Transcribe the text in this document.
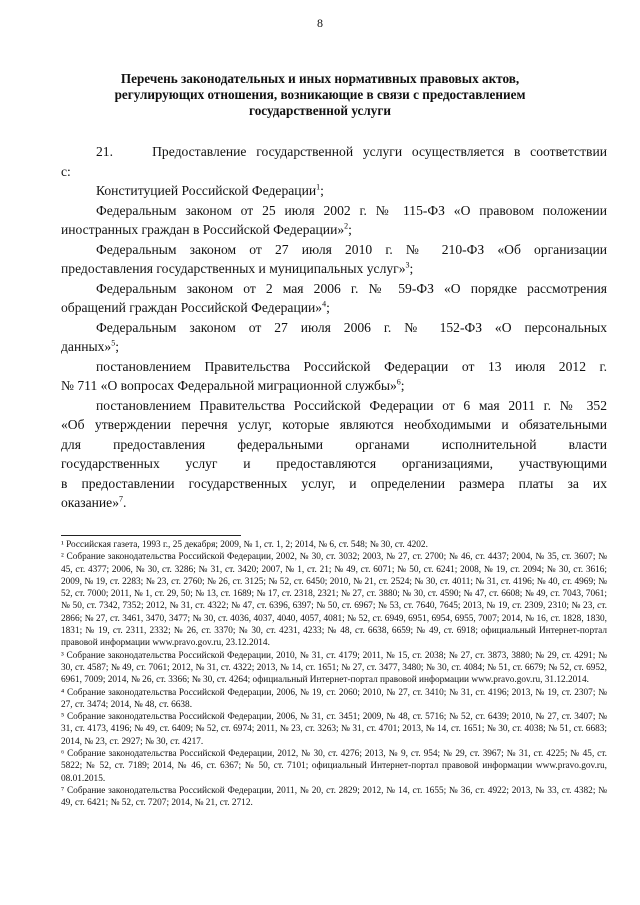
8
Перечень законодательных и иных нормативных правовых актов,
регулирующих отношения, возникающие в связи с предоставлением
государственной услуги

21.    Предоставление государственной услуги осуществляется в соответствии
с:

Конституцией Российской Федерации$^1$;

Федеральным законом от 25 июля 2002 г. № 115-ФЗ «О правовом положении
иностранных граждан в Российской Федерации»$^2$;

Федеральным законом от 27 июля 2010 г. № 210-ФЗ «Об организации
предоставления государственных и муниципальных услуг»$^3$;

Федеральным законом от 2 мая 2006 г. № 59-ФЗ «О порядке рассмотрения
обращений граждан Российской Федерации»$^4$;

Федеральным законом от 27 июля 2006 г. № 152-ФЗ «О персональных
данных»$^5$;

постановлением Правительства Российской Федерации от 13 июля 2012 г.
№ 711 «О вопросах Федеральной миграционной службы»$^6$;

постановлением Правительства Российской Федерации от 6 мая 2011 г. № 352
«Об утверждении перечня услуг, которые являются необходимыми и обязательными
для предоставления федеральными органами исполнительной власти
государственных услуг и предоставляются организациями, участвующими
в предоставлении государственных услуг, и определении размера платы за их
оказание»$^7$.

¹ Российская газета, 1993 г., 25 декабря; 2009, № 1, ст. 1, 2; 2014, № 6, ст. 548; № 30, ст. 4202.

² Собрание законодательства Российской Федерации, 2002, № 30, ст. 3032; 2003, № 27, ст. 2700; № 46, ст. 4437; 2004, № 35, ст. 3607; № 45, ст. 4377; 2006, № 30, ст. 3286; № 31, ст. 3420; 2007, № 1, ст. 21; № 49, ст. 6071; № 50, ст. 6241; 2008, № 19, ст. 2094; № 30, ст. 3616; 2009, № 19, ст. 2283; № 23, ст. 2760; № 26, ст. 3125; № 52, ст. 6450; 2010, № 21, ст. 2524; № 30, ст. 4011; № 31, ст. 4196; № 40, ст. 4969; № 52, ст. 7000; 2011, № 1, ст. 29, 50; № 13, ст. 1689; № 17, ст. 2318, 2321; № 27, ст. 3880; № 30, ст. 4590; № 47, ст. 6608; № 49, ст. 7043, 7061; № 50, ст. 7342, 7352; 2012, № 31, ст. 4322; № 47, ст. 6396, 6397; № 50, ст. 6967; № 53, ст. 7640, 7645; 2013, № 19, ст. 2309, 2310; № 23, ст. 2866; № 27, ст. 3461, 3470, 3477; № 30, ст. 4036, 4037, 4040, 4057, 4081; № 52, ст. 6949, 6951, 6954, 6955, 7007; 2014, № 16, ст. 1828, 1830, 1831; № 19, ст. 2311, 2332; № 26, ст. 3370; № 30, ст. 4231, 4233; № 48, ст. 6638, 6659; № 49, ст. 6918; официальный Интернет-портал правовой информации www.pravo.gov.ru, 23.12.2014.

³ Собрание законодательства Российской Федерации, 2010, № 31, ст. 4179; 2011, № 15, ст. 2038; № 27, ст. 3873, 3880; № 29, ст. 4291; № 30, ст. 4587; № 49, ст. 7061; 2012, № 31, ст. 4322; 2013, № 14, ст. 1651; № 27, ст. 3477, 3480; № 30, ст. 4084; № 51, ст. 6679; № 52, ст. 6952, 6961, 7009; 2014, № 26, ст. 3366; № 30, ст. 4264; официальный Интернет-портал правовой информации www.pravo.gov.ru, 31.12.2014.

⁴ Собрание законодательства Российской Федерации, 2006, № 19, ст. 2060; 2010, № 27, ст. 3410; № 31, ст. 4196; 2013, № 19, ст. 2307; № 27, ст. 3474; 2014, № 48, ст. 6638.

⁵ Собрание законодательства Российской Федерации, 2006, № 31, ст. 3451; 2009, № 48, ст. 5716; № 52, ст. 6439; 2010, № 27, ст. 3407; № 31, ст. 4173, 4196; № 49, ст. 6409; № 52, ст. 6974; 2011, № 23, ст. 3263; № 31, ст. 4701; 2013, № 14, ст. 1651; № 30, ст. 4038; № 51, ст. 6683; 2014, № 23, ст. 2927; № 30, ст. 4217.

⁶ Собрание законодательства Российской Федерации, 2012, № 30, ст. 4276; 2013, № 9, ст. 954; № 29, ст. 3967; № 31, ст. 4225; № 45, ст. 5822; № 52, ст. 7189; 2014, № 46, ст. 6367; № 50, ст. 7101; официальный Интернет-портал правовой информации www.pravo.gov.ru, 08.01.2015.

⁷ Собрание законодательства Российской Федерации, 2011, № 20, ст. 2829; 2012, № 14, ст. 1655; № 36, ст. 4922; 2013, № 33, ст. 4382; № 49, ст. 6421; № 52, ст. 7207; 2014, № 21, ст. 2712.
